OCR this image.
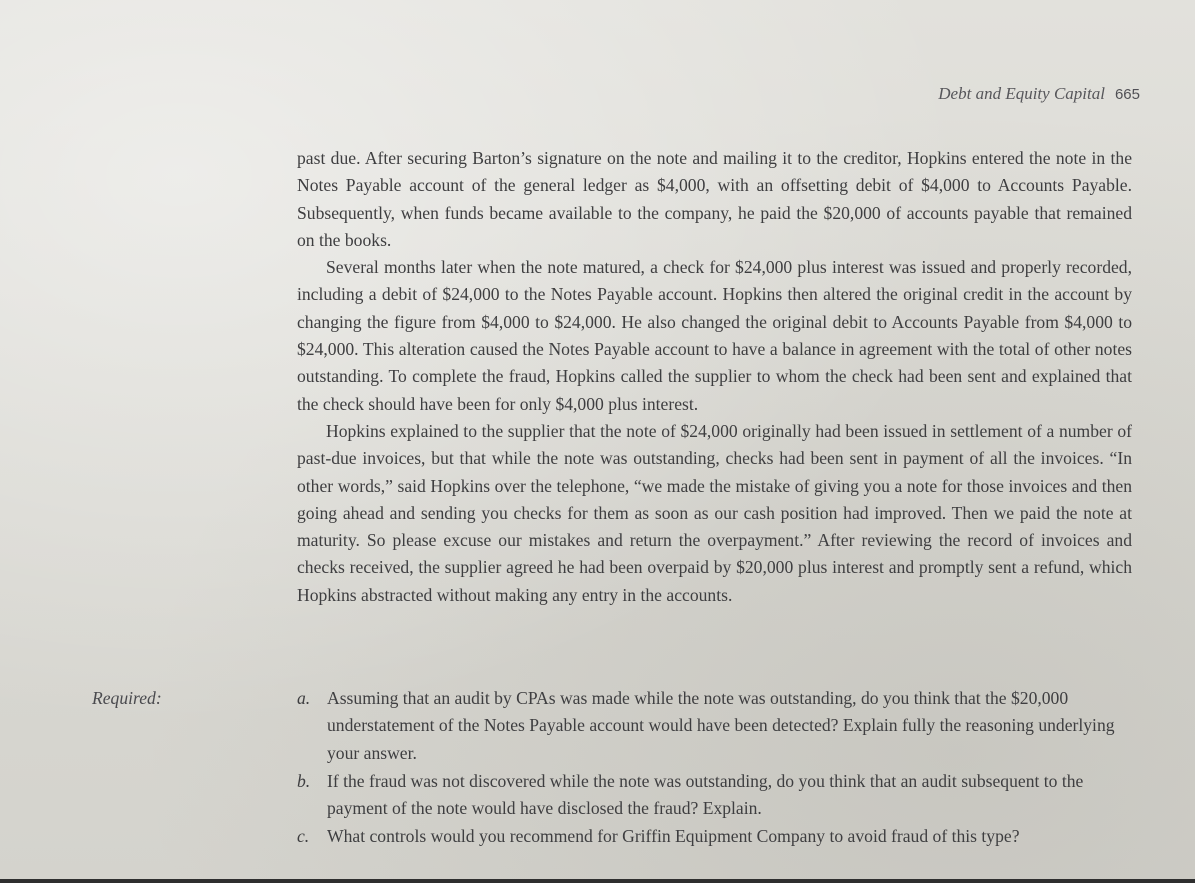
Debt and Equity Capital 665

past due. After securing Barton’s signature on the note and mailing it to the creditor, Hopkins entered the note in the Notes Payable account of the general ledger as $4,000, with an offsetting debit of $4,000 to Accounts Payable. Subsequently, when funds became available to the company, he paid the $20,000 of accounts payable that remained on the books.

Several months later when the note matured, a check for $24,000 plus interest was issued and properly recorded, including a debit of $24,000 to the Notes Payable account. Hopkins then altered the original credit in the account by changing the figure from $4,000 to $24,000. He also changed the original debit to Accounts Payable from $4,000 to $24,000. This alteration caused the Notes Payable account to have a balance in agreement with the total of other notes outstanding. To complete the fraud, Hopkins called the supplier to whom the check had been sent and explained that the check should have been for only $4,000 plus interest.

Hopkins explained to the supplier that the note of $24,000 originally had been issued in settlement of a number of past-due invoices, but that while the note was outstanding, checks had been sent in payment of all the invoices. “In other words,” said Hopkins over the telephone, “we made the mistake of giving you a note for those invoices and then going ahead and sending you checks for them as soon as our cash position had improved. Then we paid the note at maturity. So please excuse our mistakes and return the overpayment.” After reviewing the record of invoices and checks received, the supplier agreed he had been overpaid by $20,000 plus interest and promptly sent a refund, which Hopkins abstracted without making any entry in the accounts.

Required:	a. Assuming that an audit by CPAs was made while the note was outstanding, do you think that the $20,000 understatement of the Notes Payable account would have been detected? Explain fully the reasoning underlying your answer.
b. If the fraud was not discovered while the note was outstanding, do you think that an audit subsequent to the payment of the note would have disclosed the fraud? Explain.
c. What controls would you recommend for Griffin Equipment Company to avoid fraud of this type?
